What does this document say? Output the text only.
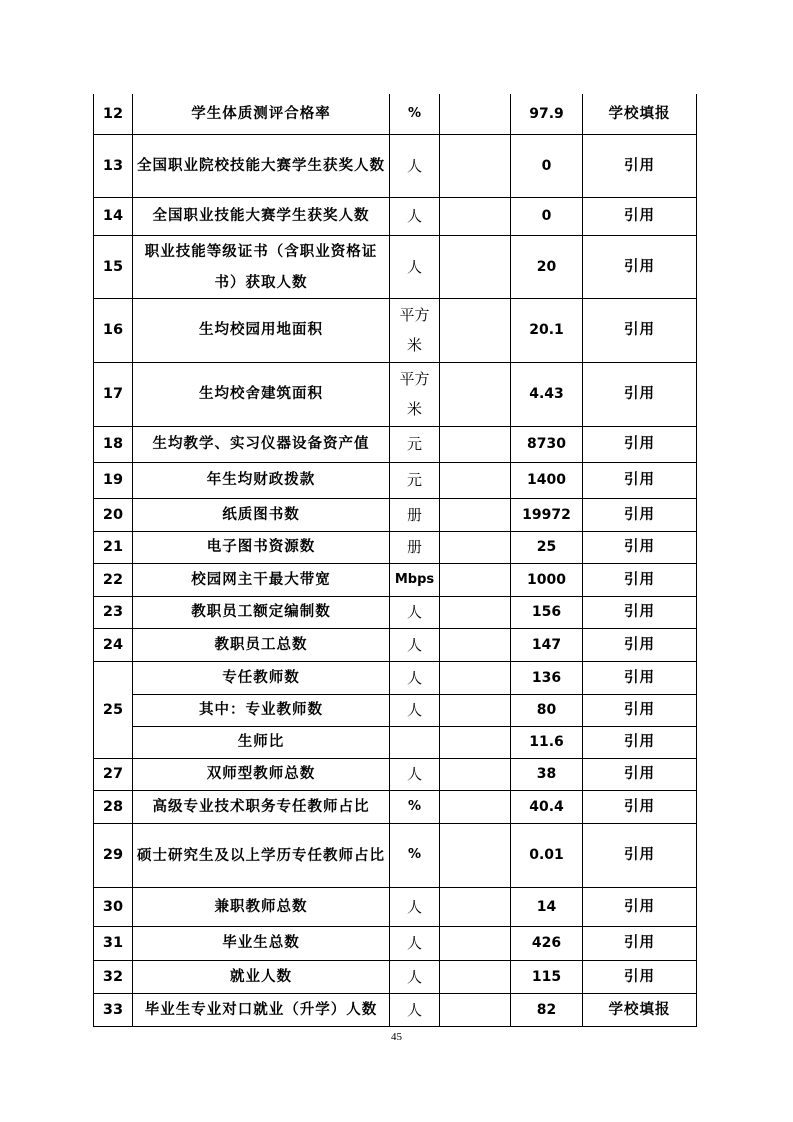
12	学生体质测评合格率	%		97.9	学校填报
13	全国职业院校技能大赛学生获奖人数	人		0	引用
14	全国职业技能大赛学生获奖人数	人		0	引用
15	职业技能等级证书（含职业资格证书）获取人数	人		20	引用
16	生均校园用地面积	平方米		20.1	引用
17	生均校舍建筑面积	平方米		4.43	引用
18	生均教学、实习仪器设备资产值	元		8730	引用
19	年生均财政拨款	元		1400	引用
20	纸质图书数	册		19972	引用
21	电子图书资源数	册		25	引用
22	校园网主干最大带宽	Mbps		1000	引用
23	教职员工额定编制数	人		156	引用
24	教职员工总数	人		147	引用
25	专任教师数	人		136	引用
	其中：专业教师数	人		80	引用
	生师比			11.6	引用
27	双师型教师总数	人		38	引用
28	高级专业技术职务专任教师占比	%		40.4	引用
29	硕士研究生及以上学历专任教师占比	%		0.01	引用
30	兼职教师总数	人		14	引用
31	毕业生总数	人		426	引用
32	就业人数	人		115	引用
33	毕业生专业对口就业（升学）人数	人		82	学校填报
45
